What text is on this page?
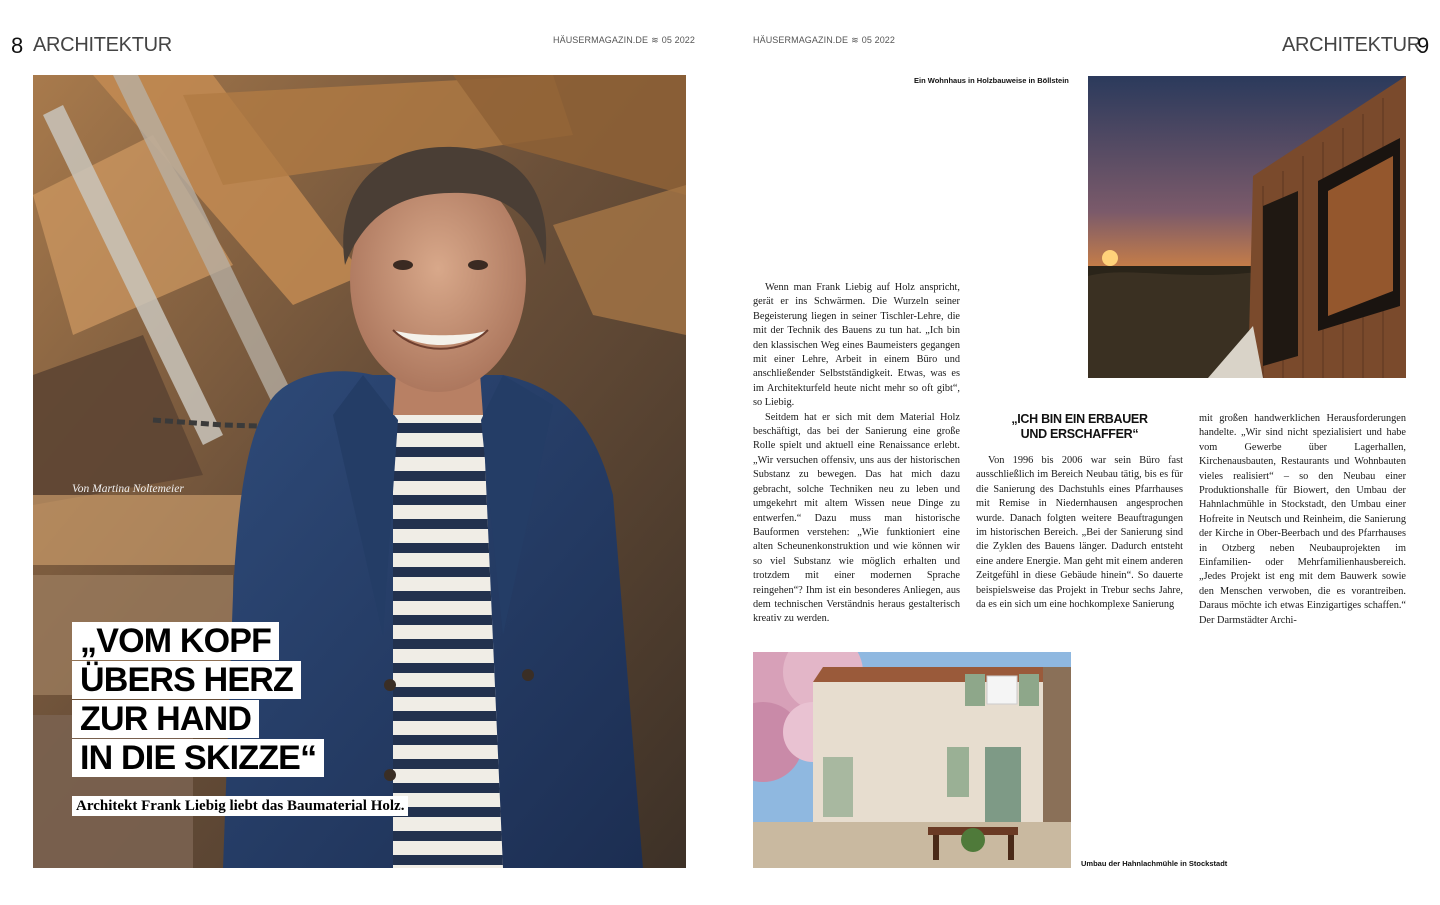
8 ARCHITEKTUR	HÄUSERMAGAZIN.DE ≋ 05 2022
Von Martina Noltemeier
„VOM KOPF
ÜBERS HERZ
ZUR HAND
IN DIE SKIZZE“
Architekt Frank Liebig liebt das Baumaterial Holz.
HÄUSERMAGAZIN.DE ≋ 05 2022	ARCHITEKTUR
9
Ein Wohnhaus in Holzbauweise in Böllstein

Wenn man Frank Liebig auf Holz anspricht, gerät er ins Schwärmen. Die Wurzeln seiner Begeisterung liegen in seiner Tischler-Lehre, die mit der Technik des Bauens zu tun hat. „Ich bin den klassischen Weg eines Baumeisters gegangen mit einer Lehre, Arbeit in einem Büro und anschließender Selbstständigkeit. Etwas, was es im Architekturfeld heute nicht mehr so oft gibt“, so Liebig.

Seitdem hat er sich mit dem Material Holz beschäftigt, das bei der Sanierung eine große Rolle spielt und aktuell eine Renaissance erlebt. „Wir versuchen offensiv, uns aus der historischen Substanz zu bewegen. Das hat mich dazu gebracht, solche Techniken neu zu leben und umgekehrt mit altem Wissen neue Dinge zu entwerfen.“ Dazu muss man historische Bauformen verstehen: „Wie funktioniert eine alten Scheunenkonstruktion und wie können wir so viel Substanz wie möglich erhalten und trotzdem mit einer modernen Sprache reingehen“? Ihm ist ein besonderes Anliegen, aus dem technischen Verständnis heraus gestalterisch kreativ zu werden.

„ICH BIN EIN ERBAUER
UND ERSCHAFFER“

Von 1996 bis 2006 war sein Büro fast ausschließlich im Bereich Neubau tätig, bis es für die Sanierung des Dachstuhls eines Pfarrhauses mit Remise in Niedernhausen angesprochen wurde. Danach folgten weitere Beauftragungen im historischen Bereich. „Bei der Sanierung sind die Zyklen des Bauens länger. Dadurch entsteht eine andere Energie. Man geht mit einem anderen Zeitgefühl in diese Gebäude hinein“. So dauerte beispielsweise das Projekt in Trebur sechs Jahre, da es ein sich um eine hochkomplexe Sanierung

mit großen handwerklichen Herausforderungen handelte. „Wir sind nicht spezialisiert und habe vom Gewerbe über Lagerhallen, Kirchenausbauten, Restaurants und Wohnbauten vieles realisiert“ – so den Neubau einer Produktionshalle für Biowert, den Umbau der Hahnlachmühle in Stockstadt, den Umbau einer Hofreite in Neutsch und Reinheim, die Sanierung der Kirche in Ober-Beerbach und des Pfarrhauses in Otzberg neben Neubauprojekten im Einfamilien- oder Mehrfamilienhausbereich. „Jedes Projekt ist eng mit dem Bauwerk sowie den Menschen verwoben, die es vorantreiben. Daraus möchte ich etwas Einzigartiges schaffen.“ Der Darmstädter Archi-

Umbau der Hahnlachmühle in Stockstadt
